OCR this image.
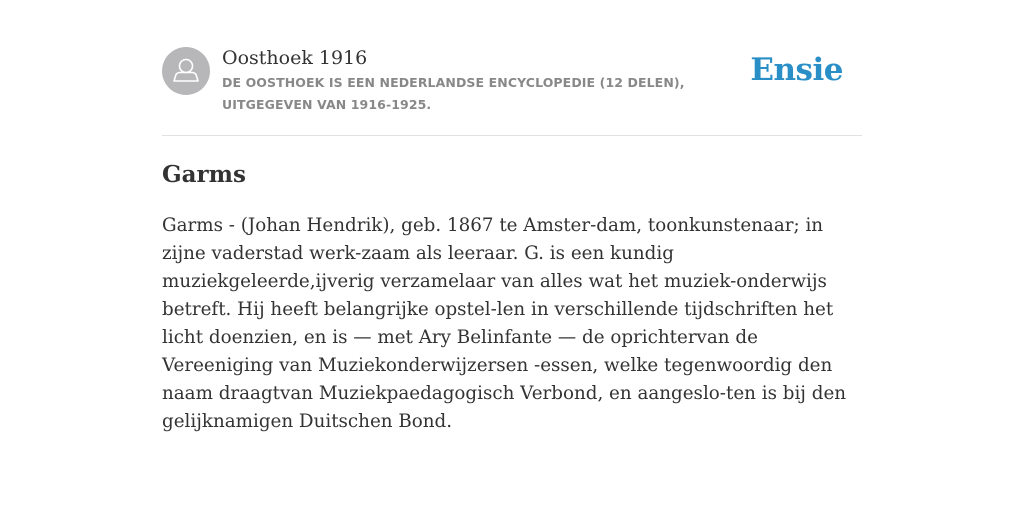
Oosthoek 1916
DE OOSTHOEK IS EEN NEDERLANDSE ENCYCLOPEDIE (12 DELEN), UITGEGEVEN VAN 1916-1925.
Ensie
Garms

Garms - (Johan Hendrik), geb. 1867 te Amster-dam, toonkunstenaar; in zijne vaderstad werk-zaam als leeraar. G. is een kundig muziekgeleerde,ijverig verzamelaar van alles wat het muziek-onderwijs betreft. Hij heeft belangrijke opstel-len in verschillende tijdschriften het licht doenzien, en is — met Ary Belinfante — de oprichtervan de Vereeniging van Muziekonderwijzersen -essen, welke tegenwoordig den naam draagtvan Muziekpaedagogisch Verbond, en aangeslo-ten is bij den gelijknamigen Duitschen Bond.
